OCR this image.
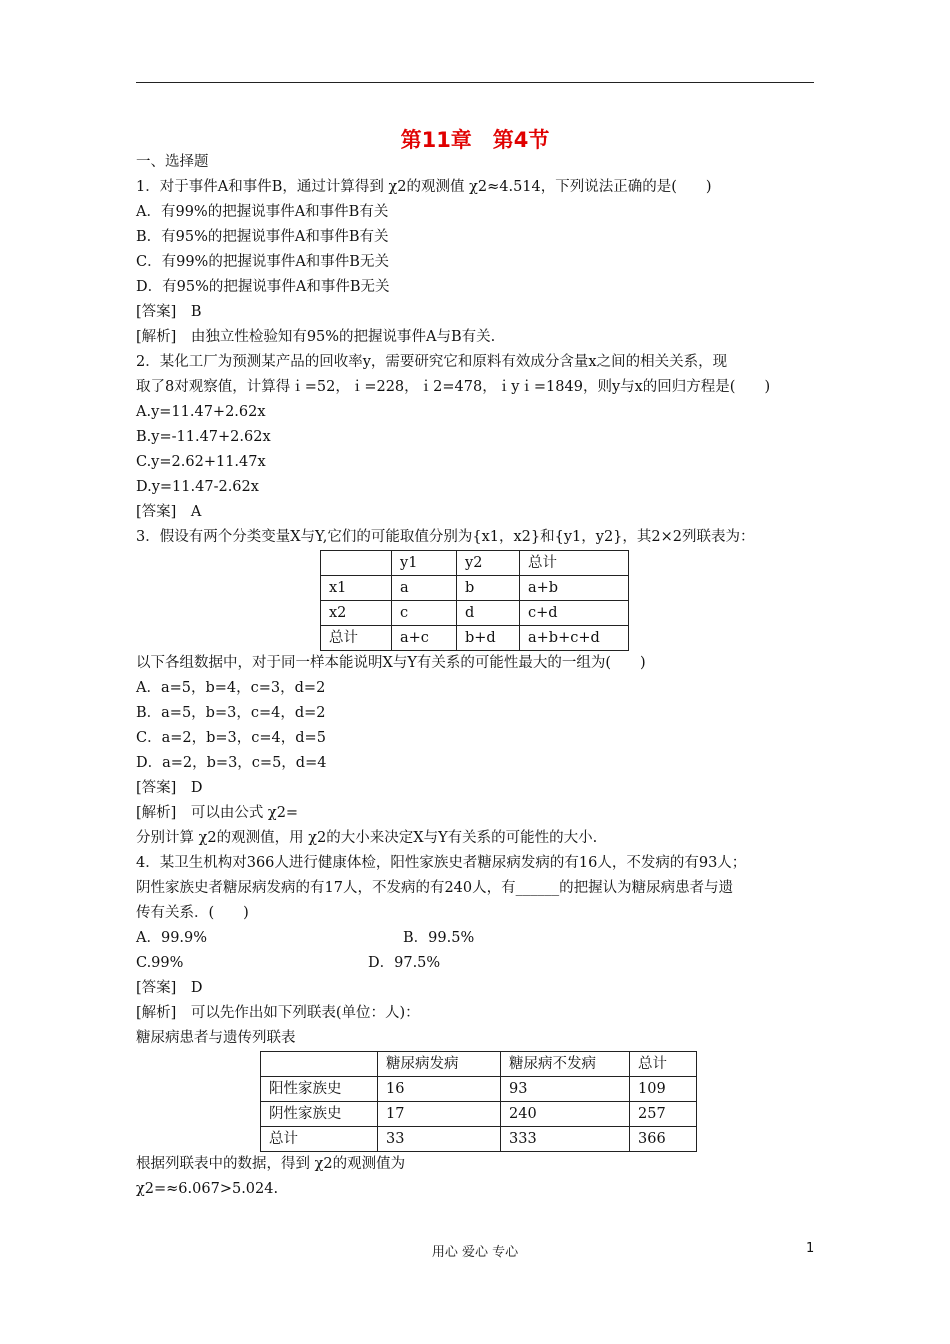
第11章　第4节

一、选择题

1．对于事件A和事件B，通过计算得到 χ2的观测值 χ2≈4.514，下列说法正确的是(　　)

A．有99%的把握说事件A和事件B有关

B．有95%的把握说事件A和事件B有关

C．有99%的把握说事件A和事件B无关

D．有95%的把握说事件A和事件B无关

[答案]　B

[解析]　由独立性检验知有95%的把握说事件A与B有关.

2．某化工厂为预测某产品的回收率y，需要研究它和原料有效成分含量x之间的相关关系，现

取了8对观察值，计算得ｉ=52，ｉ=228，ｉ2=478，ｉyｉ=1849，则y与x的回归方程是(　　)

A.y=11.47+2.62x

B.y=-11.47+2.62x

C.y=2.62+11.47x

D.y=11.47-2.62x

[答案]　A

3．假设有两个分类变量X与Y,它们的可能取值分别为{x1，x2}和{y1，y2}，其2×2列联表为：

	y1	y2	总计
x1	a	b	a+b
x2	c	d	c+d
总计	a+c	b+d	a+b+c+d

以下各组数据中，对于同一样本能说明X与Y有关系的可能性最大的一组为(　　)

A．a=5，b=4，c=3，d=2

B．a=5，b=3，c=4，d=2

C．a=2，b=3，c=4，d=5

D．a=2，b=3，c=5，d=4

[答案]　D

[解析]　可以由公式 χ2=

分别计算 χ2的观测值，用 χ2的大小来决定X与Y有关系的可能性的大小.

4．某卫生机构对366人进行健康体检，阳性家族史者糖尿病发病的有16人，不发病的有93人；

阴性家族史者糖尿病发病的有17人，不发病的有240人，有______的把握认为糖尿病患者与遗

传有关系．(　　)

A．99.9%	B．99.5%
C.99%	D．97.5%

[答案]　D

[解析]　可以先作出如下列联表(单位：人)：

糖尿病患者与遗传列联表

	糖尿病发病	糖尿病不发病	总计
阳性家族史	16	93	109
阴性家族史	17	240	257
总计	33	333	366

根据列联表中的数据，得到 χ2的观测值为

χ2=≈6.067>5.024.

用心 爱心 专心	1
